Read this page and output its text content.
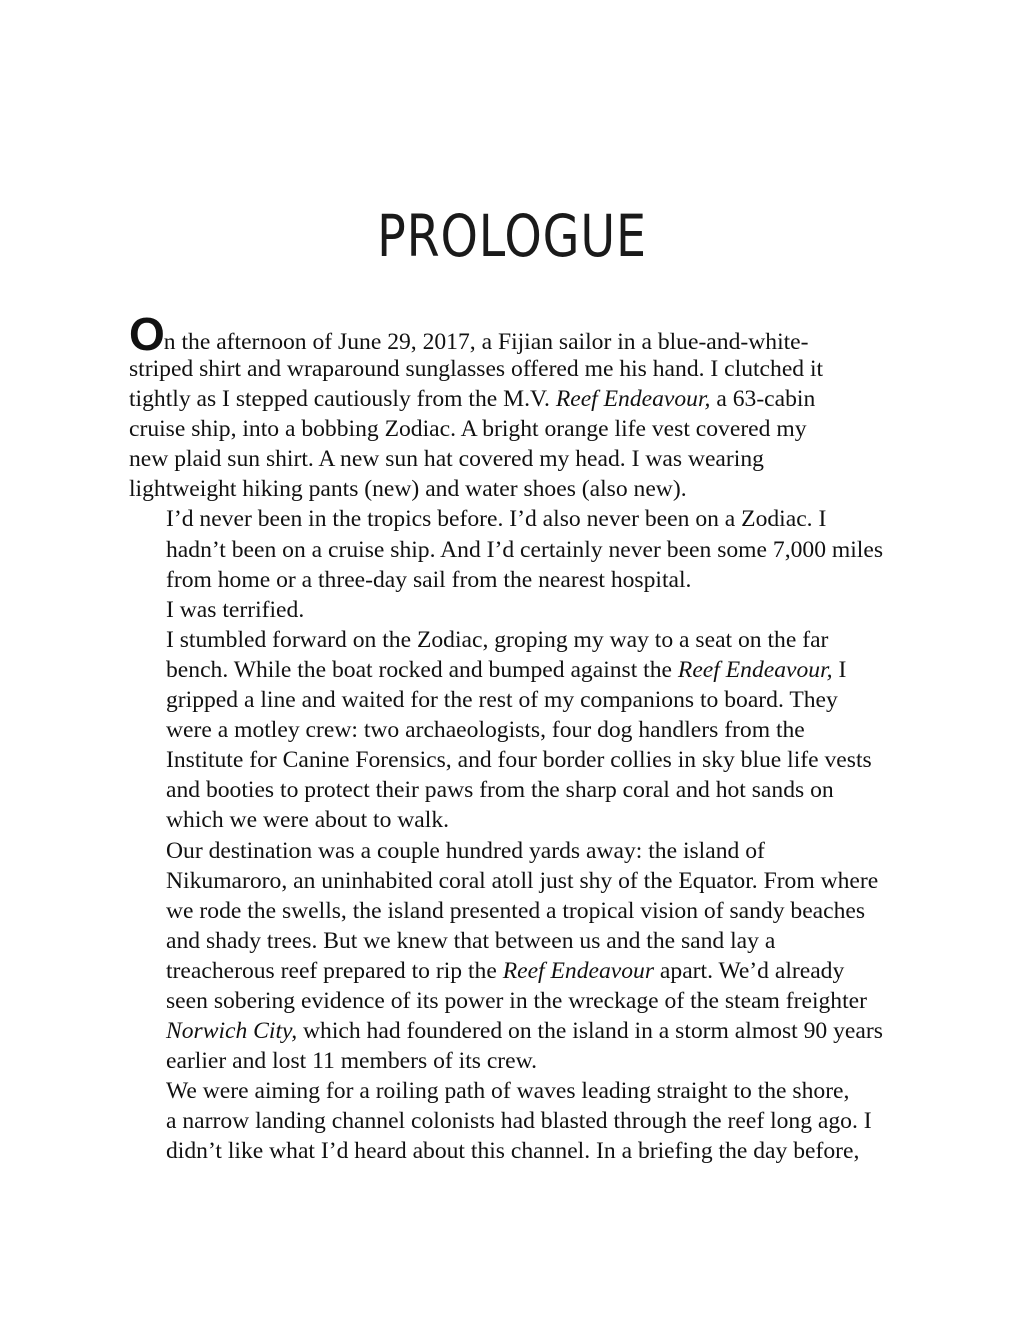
PROLOGUE

On the afternoon of June 29, 2017, a Fijian sailor in a blue-and-white-
striped shirt and wraparound sunglasses offered me his hand. I clutched it
tightly as I stepped cautiously from the M.V. Reef Endeavour, a 63-cabin
cruise ship, into a bobbing Zodiac. A bright orange life vest covered my
new plaid sun shirt. A new sun hat covered my head. I was wearing
lightweight hiking pants (new) and water shoes (also new).

I’d never been in the tropics before. I’d also never been on a Zodiac. I
hadn’t been on a cruise ship. And I’d certainly never been some 7,000 miles
from home or a three-day sail from the nearest hospital.

I was terrified.

I stumbled forward on the Zodiac, groping my way to a seat on the far
bench. While the boat rocked and bumped against the Reef Endeavour, I
gripped a line and waited for the rest of my companions to board. They
were a motley crew: two archaeologists, four dog handlers from the
Institute for Canine Forensics, and four border collies in sky blue life vests
and booties to protect their paws from the sharp coral and hot sands on
which we were about to walk.

Our destination was a couple hundred yards away: the island of
Nikumaroro, an uninhabited coral atoll just shy of the Equator. From where
we rode the swells, the island presented a tropical vision of sandy beaches
and shady trees. But we knew that between us and the sand lay a
treacherous reef prepared to rip the Reef Endeavour apart. We’d already
seen sobering evidence of its power in the wreckage of the steam freighter
Norwich City, which had foundered on the island in a storm almost 90 years
earlier and lost 11 members of its crew.

We were aiming for a roiling path of waves leading straight to the shore,
a narrow landing channel colonists had blasted through the reef long ago. I
didn’t like what I’d heard about this channel. In a briefing the day before,
